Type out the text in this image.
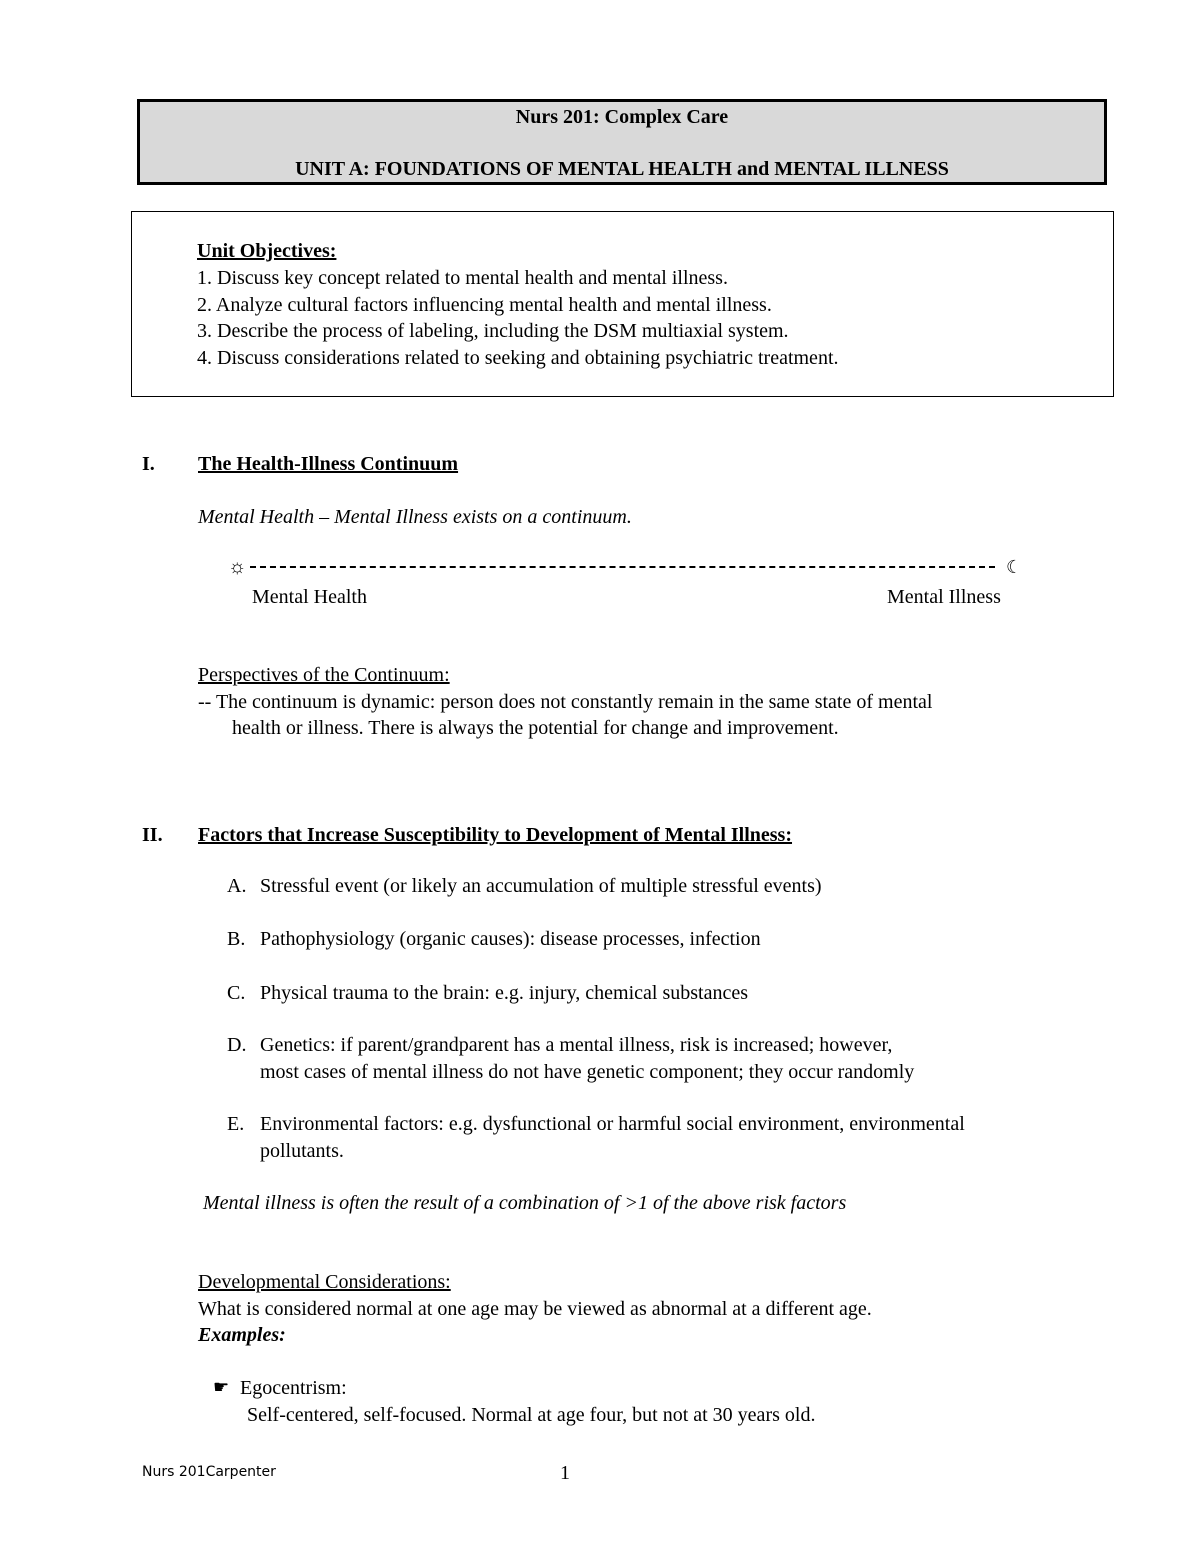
Nurs 201: Complex Care
UNIT A: FOUNDATIONS OF MENTAL HEALTH and MENTAL ILLNESS
Unit Objectives:
1. Discuss key concept related to mental health and mental illness.
2. Analyze cultural factors influencing mental health and mental illness.
3. Describe the process of labeling, including the DSM multiaxial system.
4. Discuss considerations related to seeking and obtaining psychiatric treatment.
I. The Health-Illness Continuum
Mental Health – Mental Illness exists on a continuum.
☼	☾
Mental Health	Mental Illness
Perspectives of the Continuum:
-- The continuum is dynamic: person does not constantly remain in the same state of mental
health or illness. There is always the potential for change and improvement.
II. Factors that Increase Susceptibility to Development of Mental Illness:
A. Stressful event (or likely an accumulation of multiple stressful events)
B. Pathophysiology (organic causes): disease processes, infection
C. Physical trauma to the brain: e.g. injury, chemical substances
D. Genetics: if parent/grandparent has a mental illness, risk is increased; however,
most cases of mental illness do not have genetic component; they occur randomly
E. Environmental factors: e.g. dysfunctional or harmful social environment, environmental
pollutants.
Mental illness is often the result of a combination of >1 of the above risk factors
Developmental Considerations:
What is considered normal at one age may be viewed as abnormal at a different age.
Examples:
☛ Egocentrism:
Self-centered, self-focused. Normal at age four, but not at 30 years old.
Nurs 201Carpenter	1
